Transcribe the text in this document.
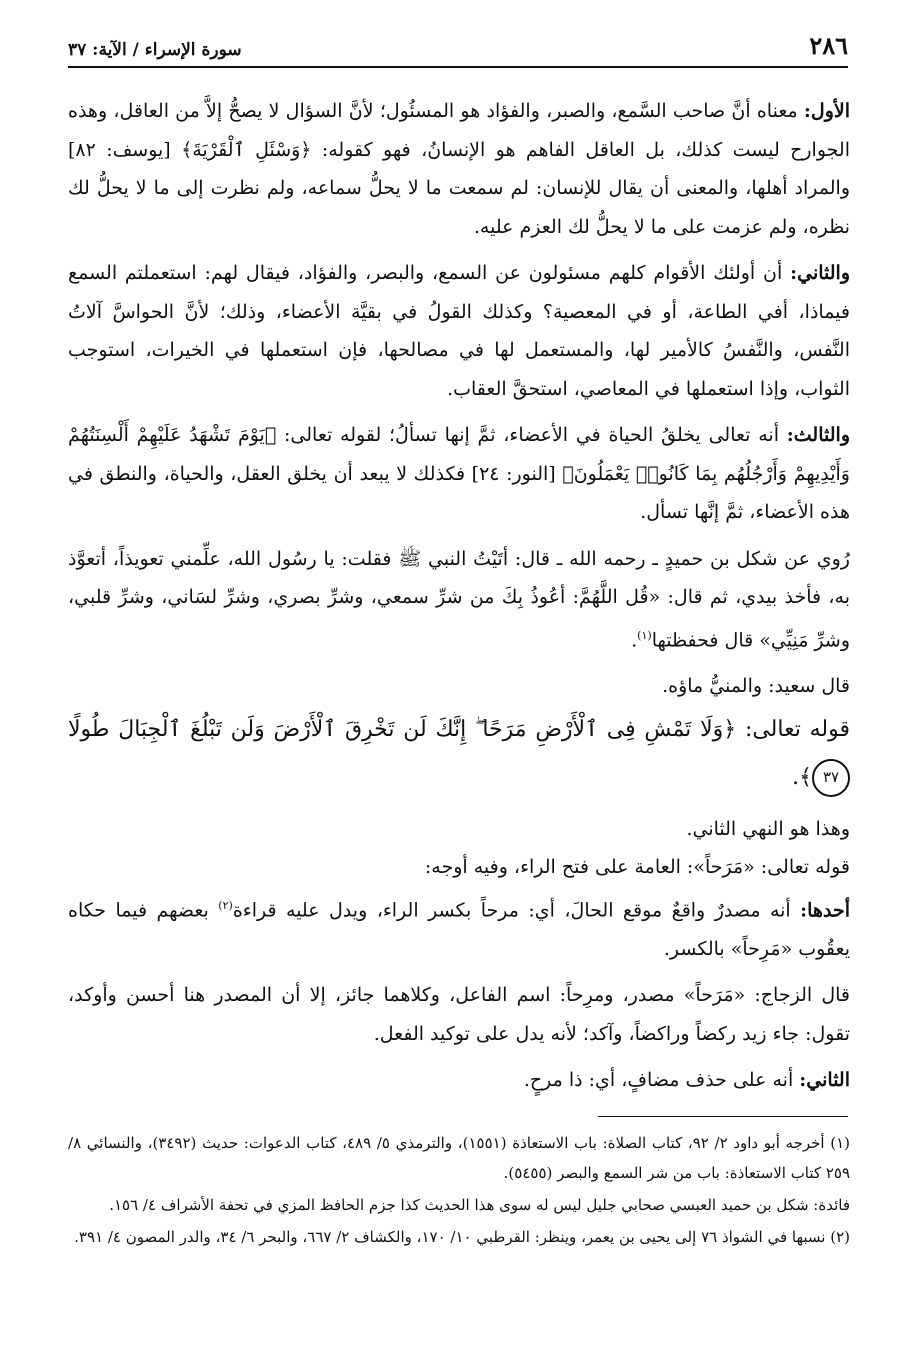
٢٨٦
سورة الإسراء / الآية: ٣٧

الأول: معناه أنَّ صاحب السَّمع، والصبر، والفؤاد هو المسئُول؛ لأنَّ السؤال لا يصحُّ إلاَّ من العاقل، وهذه الجوارح ليست كذلك، بل العاقل الفاهم هو الإنسانُ، فهو كقوله: ﴿وَسْئَلِ ٱلْقَرْيَةَ﴾ [يوسف: ٨٢] والمراد أهلها، والمعنى أن يقال للإنسان: لم سمعت ما لا يحلُّ سماعه، ولم نظرت إلى ما لا يحلُّ لك نظره، ولم عزمت على ما لا يحلُّ لك العزم عليه.

والثاني: أن أولئك الأقوام كلهم مسئولون عن السمع، والبصر، والفؤاد، فيقال لهم: استعملتم السمع فيماذا، أفي الطاعة، أو في المعصية؟ وكذلك القولُ في بقيَّة الأعضاء، وذلك؛ لأنَّ الحواسَّ آلاتُ النَّفس، والنَّفسُ كالأمير لها، والمستعمل لها في مصالحها، فإن استعملها في الخيرات، استوجب الثواب، وإذا استعملها في المعاصي، استحقَّ العقاب.

والثالث: أنه تعالى يخلقُ الحياة في الأعضاء، ثمَّ إنها تسألُ؛ لقوله تعالى: ﴿يَوْمَ تَشْهَدُ عَلَيْهِمْ أَلْسِنَتُهُمْ وَأَيْدِيهِمْ وَأَرْجُلُهُم بِمَا كَانُوا۟ يَعْمَلُونَ﴾ [النور: ٢٤] فكذلك لا يبعد أن يخلق العقل، والحياة، والنطق في هذه الأعضاء، ثمَّ إنَّها تسأل.

رُوي عن شكل بن حميدٍ ـ رحمه الله ـ قال: أتَيْتُ النبي ﷺ فقلت: يا رسُول الله، علِّمني تعويذاً، أتعوَّذ به، فأخذ بيدي، ثم قال: «قُل اللَّهُمَّ: أعُوذُ بِكَ من شرِّ سمعي، وشرِّ بصري، وشرِّ لسَاني، وشرِّ قلبي، وشرِّ مَنِيِّي» قال فحفظتها$^{(١)}$.

قال سعيد: والمنيُّ ماؤه.

قوله تعالى: ﴿وَلَا تَمْشِ فِى ٱلْأَرْضِ مَرَحًا ۖ إِنَّكَ لَن تَخْرِقَ ٱلْأَرْضَ وَلَن تَبْلُغَ ٱلْجِبَالَ طُولًا ٣٧﴾.

وهذا هو النهي الثاني.

قوله تعالى: «مَرَحاً»: العامة على فتح الراء، وفيه أوجه:

أحدها: أنه مصدرٌ واقعٌ موقع الحالَ، أي: مرحاً بكسر الراء، ويدل عليه قراءة$^{(٢)}$ بعضهم فيما حكاه يعقُوب «مَرِحاً» بالكسر.

قال الزجاج: «مَرَحاً» مصدر، ومرِحاً: اسم الفاعل، وكلاهما جائز، إلا أن المصدر هنا أحسن وأوكد، تقول: جاء زيد ركضاً وراكضاً، وآكد؛ لأنه يدل على توكيد الفعل.

الثاني: أنه على حذف مضافٍ، أي: ذا مرحٍ.

(١) أخرجه أبو داود ٢/ ٩٢، كتاب الصلاة: باب الاستعاذة (١٥٥١)، والترمذي ٥/ ٤٨٩، كتاب الدعوات: حديث (٣٤٩٢)، والنسائي ٨/ ٢٥٩ كتاب الاستعاذة: باب من شر السمع والبصر (٥٤٥٥).

فائدة: شكل بن حميد العبسي صحابي جليل ليس له سوى هذا الحديث كذا جزم الحافظ المزي في تحفة الأشراف ٤/ ١٥٦.

(٢) نسبها في الشواذ ٧٦ إلى يحيى بن يعمر، وينظر: القرطبي ١٠/ ١٧٠، والكشاف ٢/ ٦٦٧، والبحر ٦/ ٣٤، والدر المصون ٤/ ٣٩١.
